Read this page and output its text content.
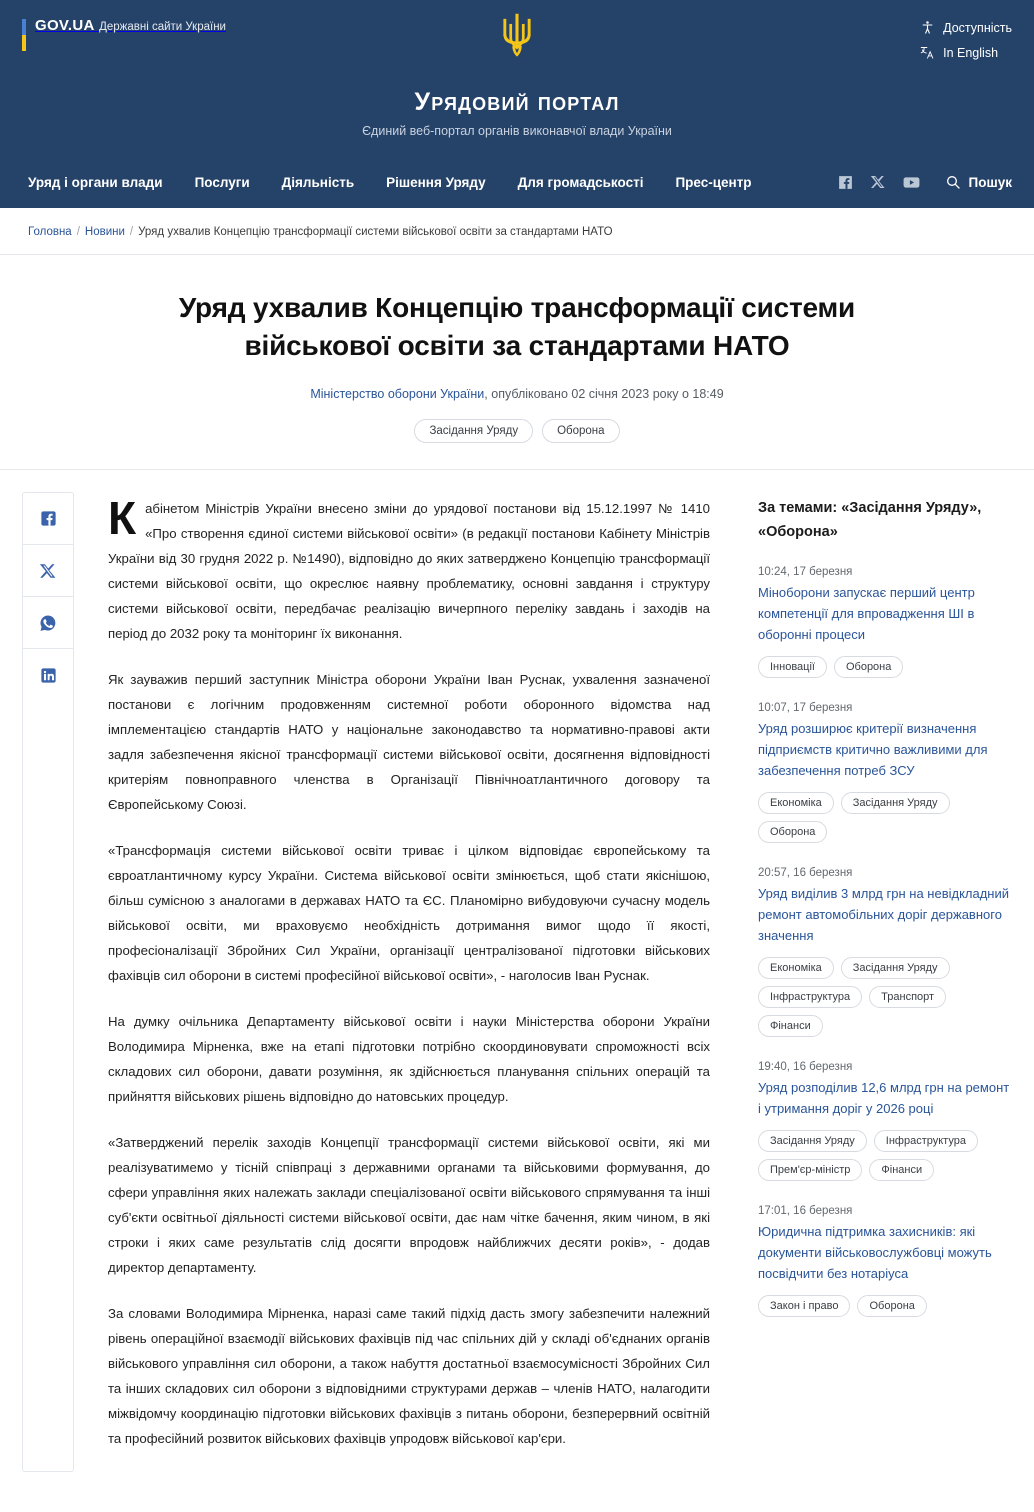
GOV.UA Державні сайти України	Доступність
In English
Урядовий портал
Єдиний веб-портал органів виконавчої влади України
Уряд і органи влади Послуги Діяльність Рішення Уряду Для громадськості Прес-центр	Пошук
Головна / Новини / Уряд ухвалив Концепцію трансформації системи військової освіти за стандартами НАТО
Уряд ухвалив Концепцію трансформації системи військової освіти за стандартами НАТО
Міністерство оборони України, опубліковано 02 січня 2023 року о 18:49
Засідання Уряду	Оборона

Кабінетом Міністрів України внесено зміни до урядової постанови від 15.12.1997 № 1410 «Про створення єдиної системи військової освіти» (в редакції постанови Кабінету Міністрів України від 30 грудня 2022 р. №1490), відповідно до яких затверджено Концепцію трансформації системи військової освіти, що окреслює наявну проблематику, основні завдання і структуру системи військової освіти, передбачає реалізацію вичерпного переліку завдань і заходів на період до 2032 року та моніторинг їх виконання.

Як зауважив перший заступник Міністра оборони України Іван Руснак, ухвалення зазначеної постанови є логічним продовженням системної роботи оборонного відомства над імплементацією стандартів НАТО у національне законодавство та нормативно-правові акти задля забезпечення якісної трансформації системи військової освіти, досягнення відповідності критеріям повноправного членства в Організації Північноатлантичного договору та Європейському Союзі.

«Трансформація системи військової освіти триває і цілком відповідає європейському та євроатлантичному курсу України. Система військової освіти змінюється, щоб стати якіснішою, більш сумісною з аналогами в державах НАТО та ЄС. Планомірно вибудовуючи сучасну модель військової освіти, ми враховуємо необхідність дотримання вимог щодо її якості, професіоналізації Збройних Сил України, організації централізованої підготовки військових фахівців сил оборони в системі професійної військової освіти», - наголосив Іван Руснак.

На думку очільника Департаменту військової освіти і науки Міністерства оборони України Володимира Мірненка, вже на етапі підготовки потрібно скоординовувати спроможності всіх складових сил оборони, давати розуміння, як здійснюється планування спільних операцій та прийняття військових рішень відповідно до натовських процедур.

«Затверджений перелік заходів Концепції трансформації системи військової освіти, які ми реалізуватимемо у тісній співпраці з державними органами та військовими формування, до сфери управління яких належать заклади спеціалізованої освіти військового спрямування та інші суб'єкти освітньої діяльності системи військової освіти, дає нам чітке бачення, яким чином, в які строки і яких саме результатів слід досягти впродовж найближчих десяти років», - додав директор департаменту.

За словами Володимира Мірненка, наразі саме такий підхід дасть змогу забезпечити належний рівень операційної взаємодії військових фахівців під час спільних дій у складі об'єднаних органів військового управління сил оборони, а також набуття достатньої взаємосумісності Збройних Сил та інших складових сил оборони з відповідними структурами держав – членів НАТО, налагодити міжвідомчу координацію підготовки військових фахівців з питань оборони, безперервний освітній та професійний розвиток військових фахівців упродовж військової кар'єри.

За темами: «Засідання Уряду», «Оборона»
10:24, 17 березня
Міноборони запускає перший центр компетенції для впровадження ШІ в оборонні процеси
Інновації	Оборона
10:07, 17 березня
Уряд розширює критерії визначення підприємств критично важливими для забезпечення потреб ЗСУ
Економіка	Засідання Уряду
Оборона
20:57, 16 березня
Уряд виділив 3 млрд грн на невідкладний ремонт автомобільних доріг державного значення
Економіка	Засідання Уряду
Інфраструктура	Транспорт
Фінанси
19:40, 16 березня
Уряд розподілив 12,6 млрд грн на ремонт і утримання доріг у 2026 році
Засідання Уряду	Інфраструктура
Прем'єр-міністр	Фінанси
17:01, 16 березня
Юридична підтримка захисників: які документи військовослужбовці можуть посвідчити без нотаріуса
Закон і право	Оборона
